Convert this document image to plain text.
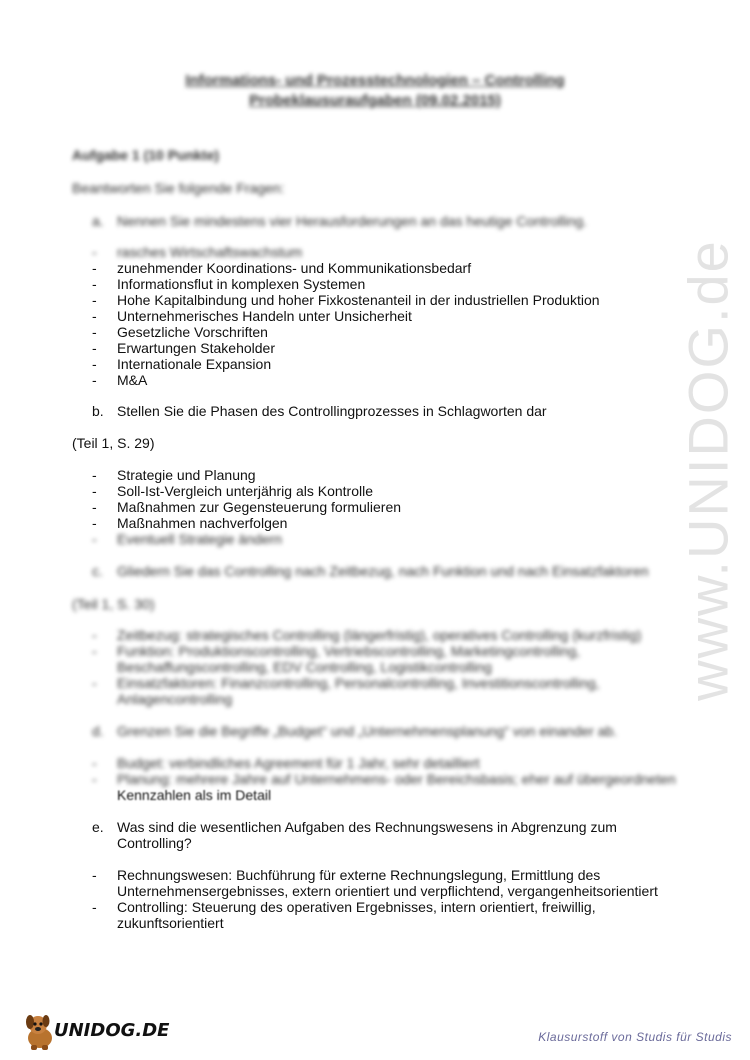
www.UNIDOG.de
Informations- und Prozesstechnologien – Controlling
Probeklausuraufgaben (09.02.2015)
Aufgabe 1 (10 Punkte)
Beantworten Sie folgende Fragen:
a. Nennen Sie mindestens vier Herausforderungen an das heutige Controlling.
-	rasches Wirtschaftswachstum
-	zunehmender Koordinations- und Kommunikationsbedarf
-	Informationsflut in komplexen Systemen
-	Hohe Kapitalbindung und hoher Fixkostenanteil in der industriellen Produktion
-	Unternehmerisches Handeln unter Unsicherheit
-	Gesetzliche Vorschriften
-	Erwartungen Stakeholder
-	Internationale Expansion
-	M&A
b. Stellen Sie die Phasen des Controllingprozesses in Schlagworten dar
(Teil 1, S. 29)
-	Strategie und Planung
-	Soll-Ist-Vergleich unterjährig als Kontrolle
-	Maßnahmen zur Gegensteuerung formulieren
-	Maßnahmen nachverfolgen
-	Eventuell Strategie ändern
c. Gliedern Sie das Controlling nach Zeitbezug, nach Funktion und nach Einsatzfaktoren
(Teil 1, S. 30)
-	Zeitbezug: strategisches Controlling (längerfristig), operatives Controlling (kurzfristig)
-	Funktion: Produktionscontrolling, Vertriebscontrolling, Marketingcontrolling,
Beschaffungscontrolling, EDV Controlling, Logistikcontrolling
-	Einsatzfaktoren: Finanzcontrolling, Personalcontrolling, Investitionscontrolling,
Anlagencontrolling
d. Grenzen Sie die Begriffe „Budget“ und „Unternehmensplanung“ von einander ab.
-	Budget: verbindliches Agreement für 1 Jahr, sehr detailliert
-	Planung: mehrere Jahre auf Unternehmens- oder Bereichsbasis; eher auf übergeordneten
Kennzahlen als im Detail
e. Was sind die wesentlichen Aufgaben des Rechnungswesens in Abgrenzung zum
Controlling?
-	Rechnungswesen: Buchführung für externe Rechnungslegung, Ermittlung des
Unternehmensergebnisses, extern orientiert und verpflichtend, vergangenheitsorientiert
-	Controlling: Steuerung des operativen Ergebnisses, intern orientiert, freiwillig,
zukunftsorientiert
UNIDOG.DE	Klausurstoff von Studis für Studis
